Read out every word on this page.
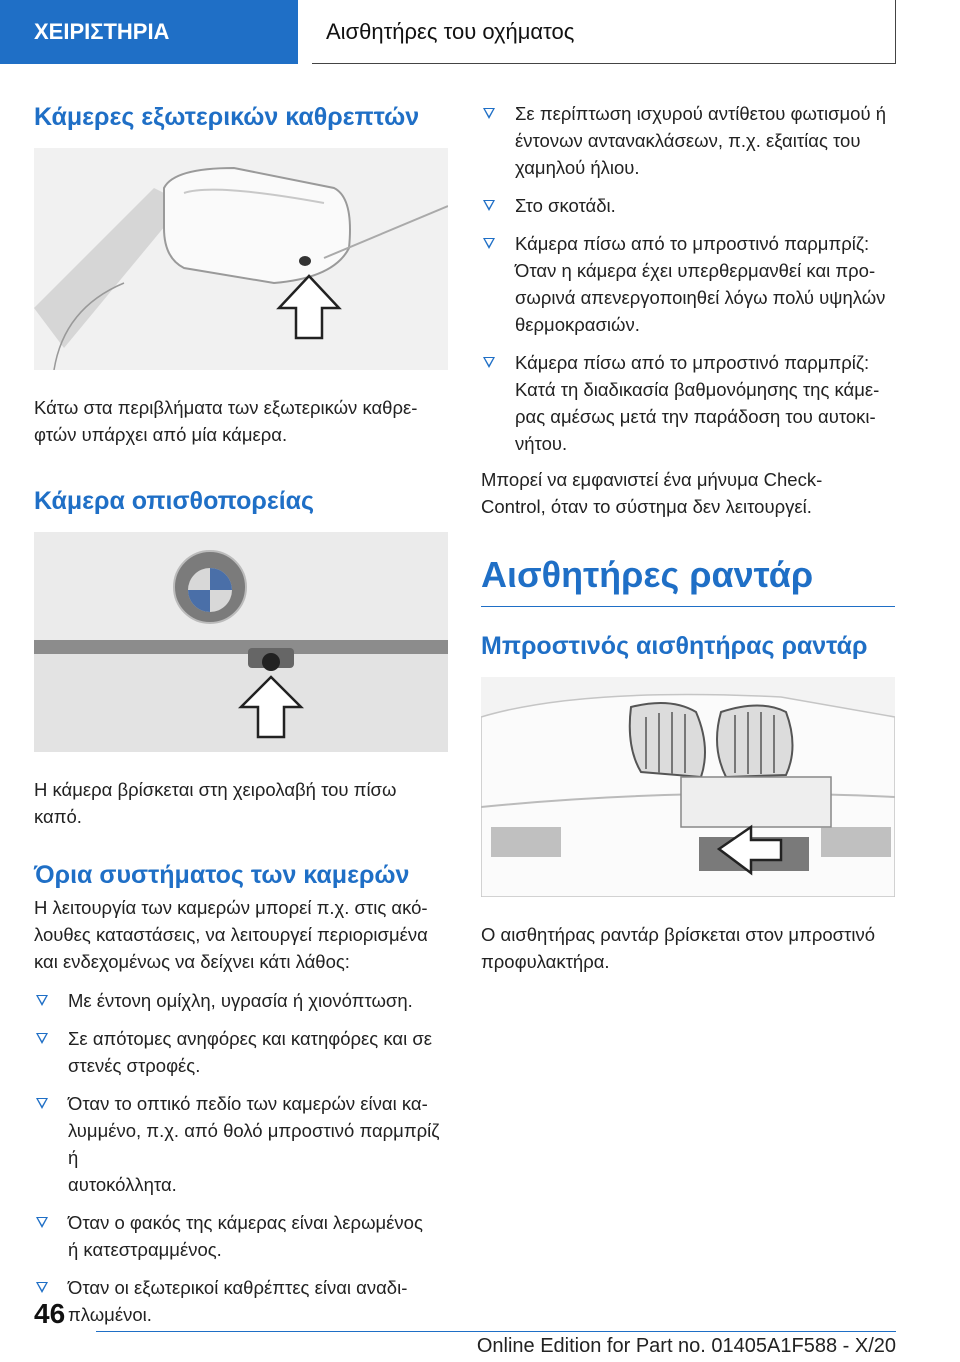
ΧΕΙΡΙΣΤΗΡΙΑ	Αισθητήρες του οχήματος
Κάμερες εξωτερικών καθρεπτών

Κάτω στα περιβλήματα των εξωτερικών καθρε‐
φτών υπάρχει από μία κάμερα.

Κάμερα οπισθοπορείας

Η κάμερα βρίσκεται στη χειρολαβή του πίσω
καπό.

Όρια συστήματος των καμερών

Η λειτουργία των καμερών μπορεί π.χ. στις ακό‐
λουθες καταστάσεις, να λειτουργεί περιορισμένα
και ενδεχομένως να δείχνει κάτι λάθος:

Με έντονη ομίχλη, υγρασία ή χιονόπτωση.
Σε απότομες ανηφόρες και κατηφόρες και σε
στενές στροφές.
Όταν το οπτικό πεδίο των καμερών είναι κα‐
λυμμένο, π.χ. από θολό μπροστινό παρμπρίζ ή
αυτοκόλλητα.
Όταν ο φακός της κάμερας είναι λερωμένος
ή κατεστραμμένος.
Όταν οι εξωτερικοί καθρέπτες είναι αναδι‐
πλωμένοι.
Σε περίπτωση ισχυρού αντίθετου φωτισμού ή
έντονων αντανακλάσεων, π.χ. εξαιτίας του
χαμηλού ήλιου.
Στο σκοτάδι.
Κάμερα πίσω από το μπροστινό παρμπρίζ:
Όταν η κάμερα έχει υπερθερμανθεί και προ‐
σωρινά απενεργοποιηθεί λόγω πολύ υψηλών
θερμοκρασιών.
Κάμερα πίσω από το μπροστινό παρμπρίζ:
Κατά τη διαδικασία βαθμονόμησης της κάμε‐
ρας αμέσως μετά την παράδοση του αυτοκι‐
νήτου.

Μπορεί να εμφανιστεί ένα μήνυμα Check-
Control, όταν το σύστημα δεν λειτουργεί.

Αισθητήρες ραντάρ
Μπροστινός αισθητήρας ραντάρ

Ο αισθητήρας ραντάρ βρίσκεται στον μπροστινό
προφυλακτήρα.

46
Online Edition for Part no. 01405A1F588 - X/20
